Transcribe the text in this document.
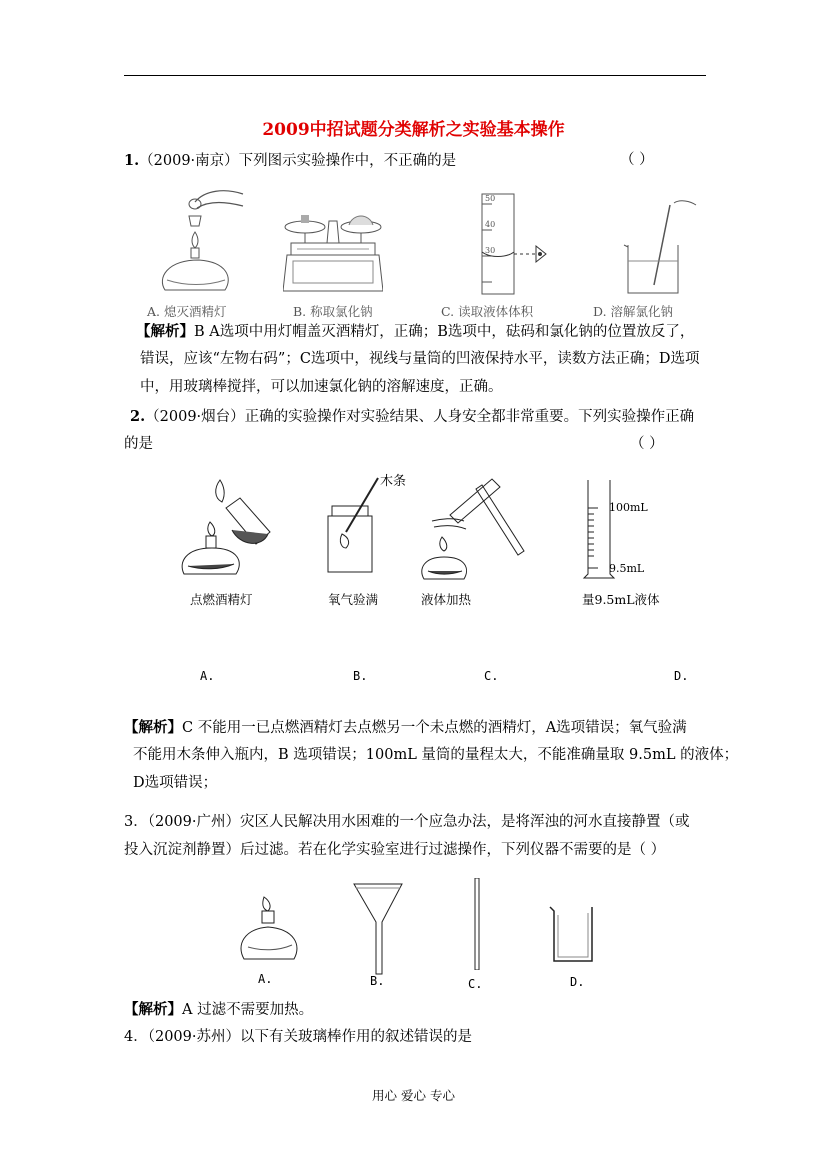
2009中招试题分类解析之实验基本操作
1.（2009·南京）下列图示实验操作中，不正确的是	（ ）
50
40
30
A. 熄灭酒精灯	B. 称取氯化钠	C. 读取液体体积	D. 溶解氯化钠
【解析】B A选项中用灯帽盖灭酒精灯，正确；B选项中，砝码和氯化钠的位置放反了，
错误，应该“左物右码”；C选项中，视线与量筒的凹液保持水平，读数方法正确；D选项
中，用玻璃棒搅拌，可以加速氯化钠的溶解速度，正确。
2.（2009·烟台）正确的实验操作对实验结果、人身安全都非常重要。下列实验操作正确
的是	（ ）
点燃酒精灯
木条
氧气验满	液体加热
100mL
9.5mL
量9.5mL液体
A.	B.	C.	D.
【解析】C 不能用一已点燃酒精灯去点燃另一个未点燃的酒精灯，A选项错误；氧气验满
不能用木条伸入瓶内，B 选项错误；100mL 量筒的量程太大，不能准确量取 9.5mL 的液体；
D选项错误；
3．（2009·广州）灾区人民解决用水困难的一个应急办法，是将浑浊的河水直接静置（或
投入沉淀剂静置）后过滤。若在化学实验室进行过滤操作，下列仪器不需要的是（ ）
A.	B.	C.	D.
【解析】A 过滤不需要加热。
4．（2009·苏州）以下有关玻璃棒作用的叙述错误的是
用心 爱心 专心
